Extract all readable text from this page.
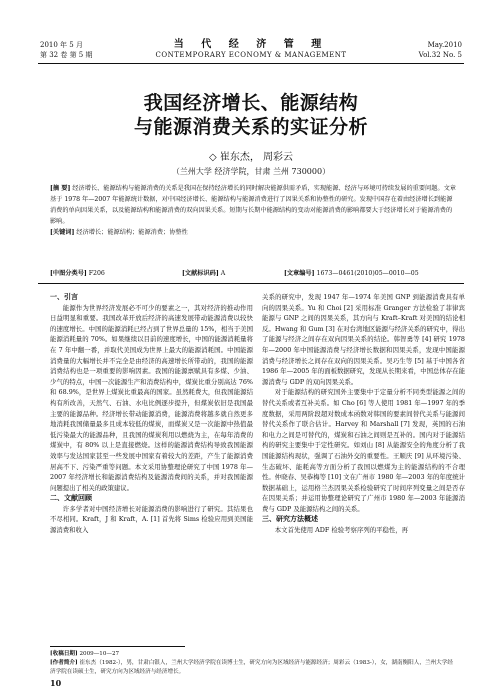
2010 年 5 月
第 32 卷 第 5 期
当 代 经 济 管 理
CONTEMPORARY ECONOMY & MANAGEMENT
May.2010
Vol.32 No. 5
我国经济增长、能源结构
与能源消费关系的实证分析
◇ 崔东杰， 周彩云
（兰州大学 经济学院，甘肃 兰州 730000）
[摘 要] 经济增长、能源结构与能源消费的关系是我国在保持经济增长的同时解决能源供需矛盾，实现能源、经济与环境可持续发展的重要问题。文章基于 1978 年—2007 年能源统计数据，对中国经济增长、能源结构与能源消费进行了因果关系和协整性的研究。发现中国存在着由经济增长到能源消费的单向因果关系，以及能源结构和能源消费的双向因果关系。短期与长期中能源结构的变动对能源消费的影响都要大于经济增长对于能源消费的影响。
[关键词] 经济增长；能源结构；能源消费；协整性
[中图分类号] F206	[文献标识码] A	[文章编号] 1673—0461(2010)05—0010—05

一、引言

能源作为世界经济发展必不可少的要素之一，其对经济的推动作用日益明显和重要。我国改革开放后经济的高速发展带动能源消费以较快的速度增长。中国的能源消耗已经占到了世界总量的 15%，相当于美国能源消耗量的 70%。如果继续以目前的速度增长，中国的能源消耗量将在 7 年中翻一番，并取代美国成为世界上最大的能源消耗国。中国能源消费量的大幅增长并不完全是由经济的高速增长所带动的，我国的能源消费结构也是一项重要的影响因素。我国的能源禀赋具有多煤、少油、少气的特点，中国一次能源生产和消费结构中，煤炭比重分别高达 76% 和 68.9%，是世界上煤炭比重最高的国家。虽然耗费大，但我国能源结构有所改善，天然气、石油、水电比例逐步提升，但煤炭依旧是我国最主要的能源品种。经济增长带动能源消费，能源消费将越多就自然更多地消耗我国储量最多且成本较低的煤炭，而煤炭又是一次能源中热值最低污染最大的能源品种，且我国的煤炭利用以燃烧为主，在每年消费的煤炭中，有 80% 以上是直接燃烧。这样的能源消费结构导致我国能源效率与发达国家甚至一些发展中国家有着较大的差距，产生了能源消费居高不下、污染严重等问题。本文采用协整理论研究了中国 1978 年—2007 年经济增长和能源消费结构及能源消费间的关系，并对我国能源问题提出了相关的政策建议。

二、文献回顾

许多学者对中国经济增长对能源消费的影响进行了研究。其结果也不尽相同。Kraft，J 和 Kraft，A. [1] 首先将 Sims 检验应用到美国能源消费和收入

关系的研究中，发现 1947 年—1974 年美国 GNP 到能源消费具有单向的因果关系。Yu 和 Choi [2] 采用标准 Granger 方法检验了菲律宾能源与 GNP 之间的因果关系，其方向与 Kraft–Kraft 对美国的结论相反。Hwang 和 Gum [3] 在对台湾地区能源与经济关系的研究中，得出了能源与经济之间存在双向因果关系的结论。韩智勇等 [4] 研究 1978 年—2000 年中国能源消费与经济增长数据和因果关系，发现中国能源消费与经济增长之间存在双向的因果关系。吴巧生等 [5] 基于中国各省 1986 年—2005 年的面板数据研究，发现从长期来看，中国总体存在能源消费与 GDP 的双向因果关系。

对于能源结构的研究国外主要集中于定量分析不同类型能源之间的替代关系或者互补关系。如 Cho [6] 等人使用 1981 年—1997 年的季度数据，采用两阶段超对数成本函数对韩国的要素间替代关系与能源间替代关系作了联合估计。Harvey 和 Marshall [7] 发现，英国的石油和电力之间是可替代的，煤炭和石油之间则是互补的。国内对于能源结构的研究主要集中于定性研究。如刘山 [8] 从能源安全的角度分析了我国能源结构现状，强调了石油外交的重要性。王顺庆 [9] 从环境污染、生态破坏、能耗高等方面分析了我国以燃煤为主的能源结构的不合理性。仲晓春、吴恭梅等 [10] 文在广州市 1980 年—2003 年的年度统计数据基础上，运用格兰杰因果关系检验研究了时间序列变量之间是否存在因果关系；并运用协整理论研究了广州市 1980 年—2003 年能源消费与 GDP 及能源结构之间的关系。

三、研究方法概述

本文首先使用 ADF 检验考察序列的平稳性，再

[收稿日期] 2009—10—27
[作者简介] 崔东杰（1982-），男，甘肃白银人，兰州大学经济学院在读博士生，研究方向为区域经济与能源经济；周彩云（1983-），女，湖南衡阳人，兰州大学经济学院在读硕士生，研究方向为区域经济与经济增长。
10
